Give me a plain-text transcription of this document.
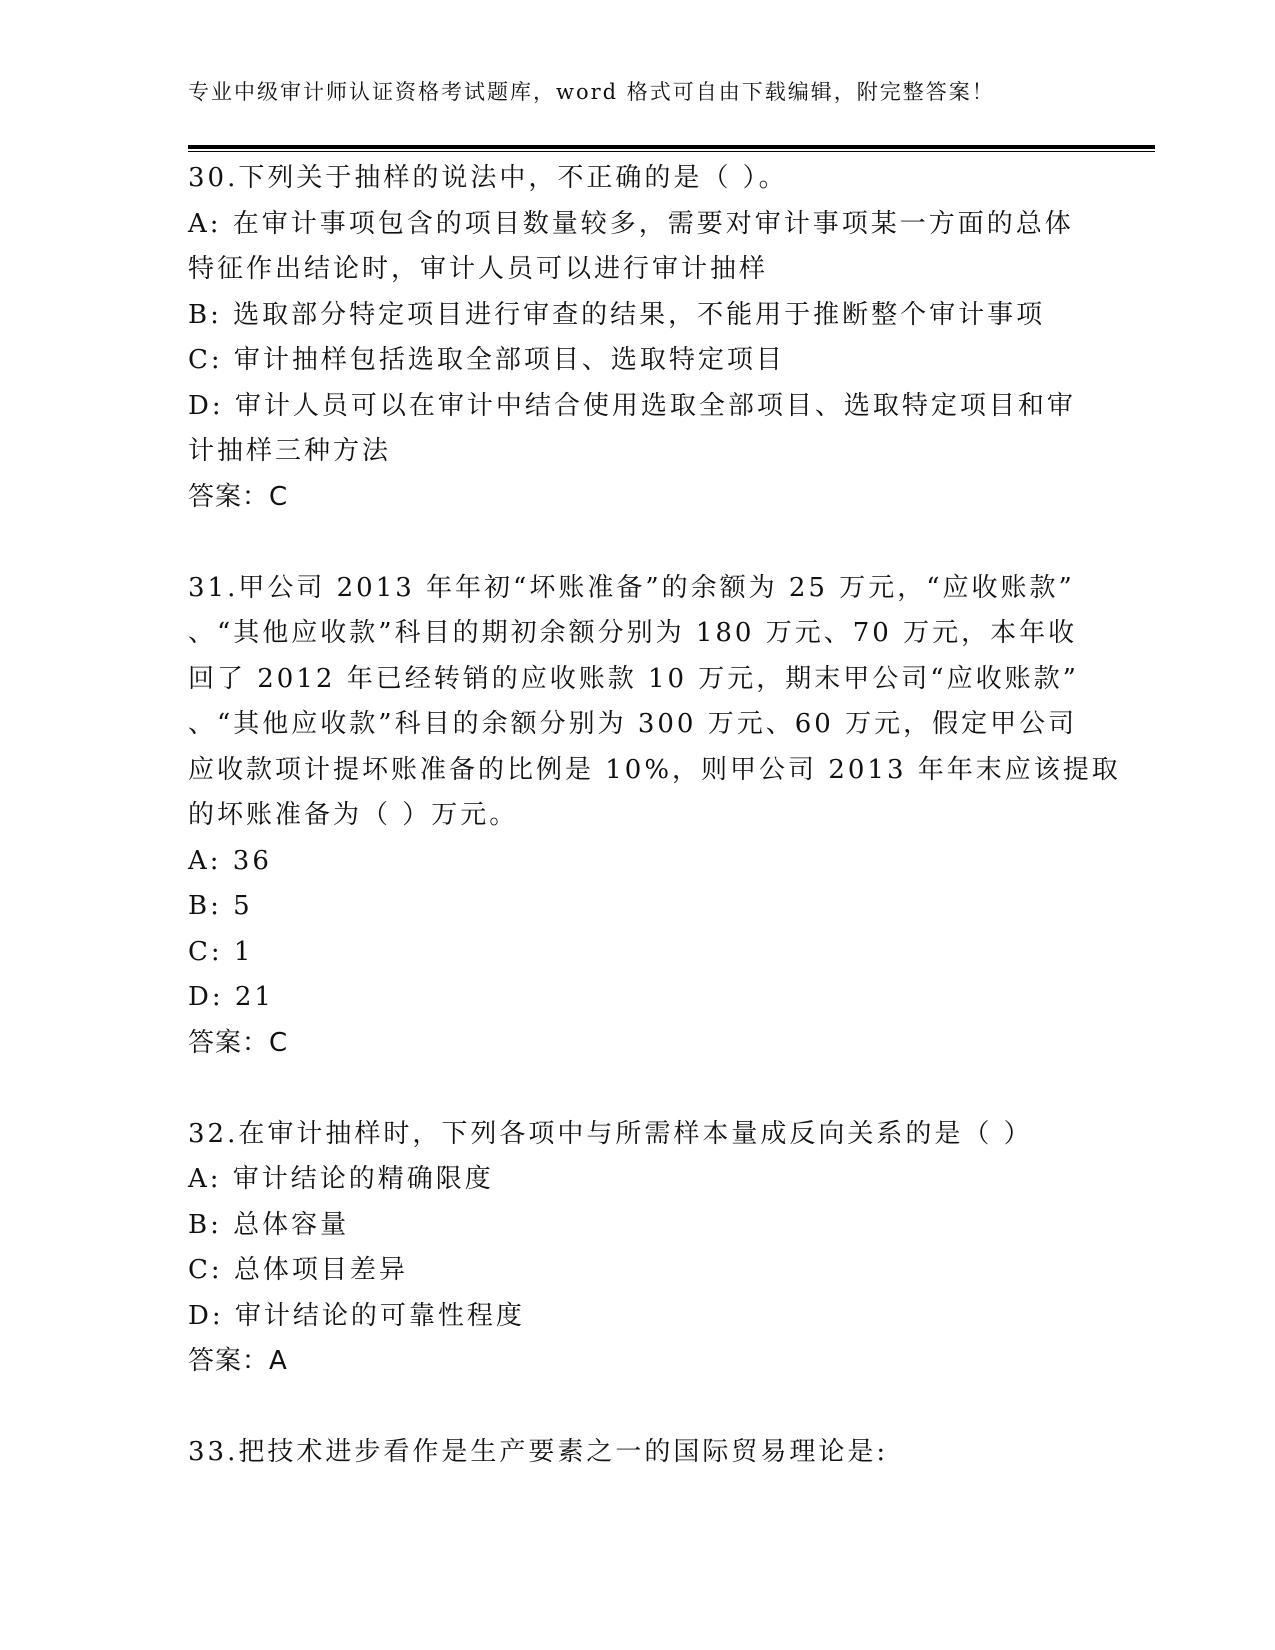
专业中级审计师认证资格考试题库，word 格式可自由下载编辑，附完整答案！
30.下列关于抽样的说法中，不正确的是（ ）。
A: 在审计事项包含的项目数量较多，需要对审计事项某一方面的总体
特征作出结论时，审计人员可以进行审计抽样
B: 选取部分特定项目进行审查的结果，不能用于推断整个审计事项
C: 审计抽样包括选取全部项目、选取特定项目
D: 审计人员可以在审计中结合使用选取全部项目、选取特定项目和审
计抽样三种方法
答案：C
31.甲公司 2013 年年初“坏账准备”的余额为 25 万元，“应收账款”
、“其他应收款”科目的期初余额分别为 180 万元、70 万元，本年收
回了 2012 年已经转销的应收账款 10 万元，期末甲公司“应收账款”
、“其他应收款”科目的余额分别为 300 万元、60 万元，假定甲公司
应收款项计提坏账准备的比例是 10%，则甲公司 2013 年年末应该提取
的坏账准备为（ ）万元。
A: 36
B: 5
C: 1
D: 21
答案：C
32.在审计抽样时，下列各项中与所需样本量成反向关系的是（ ）
A: 审计结论的精确限度
B: 总体容量
C: 总体项目差异
D: 审计结论的可靠性程度
答案：A
33.把技术进步看作是生产要素之一的国际贸易理论是:
